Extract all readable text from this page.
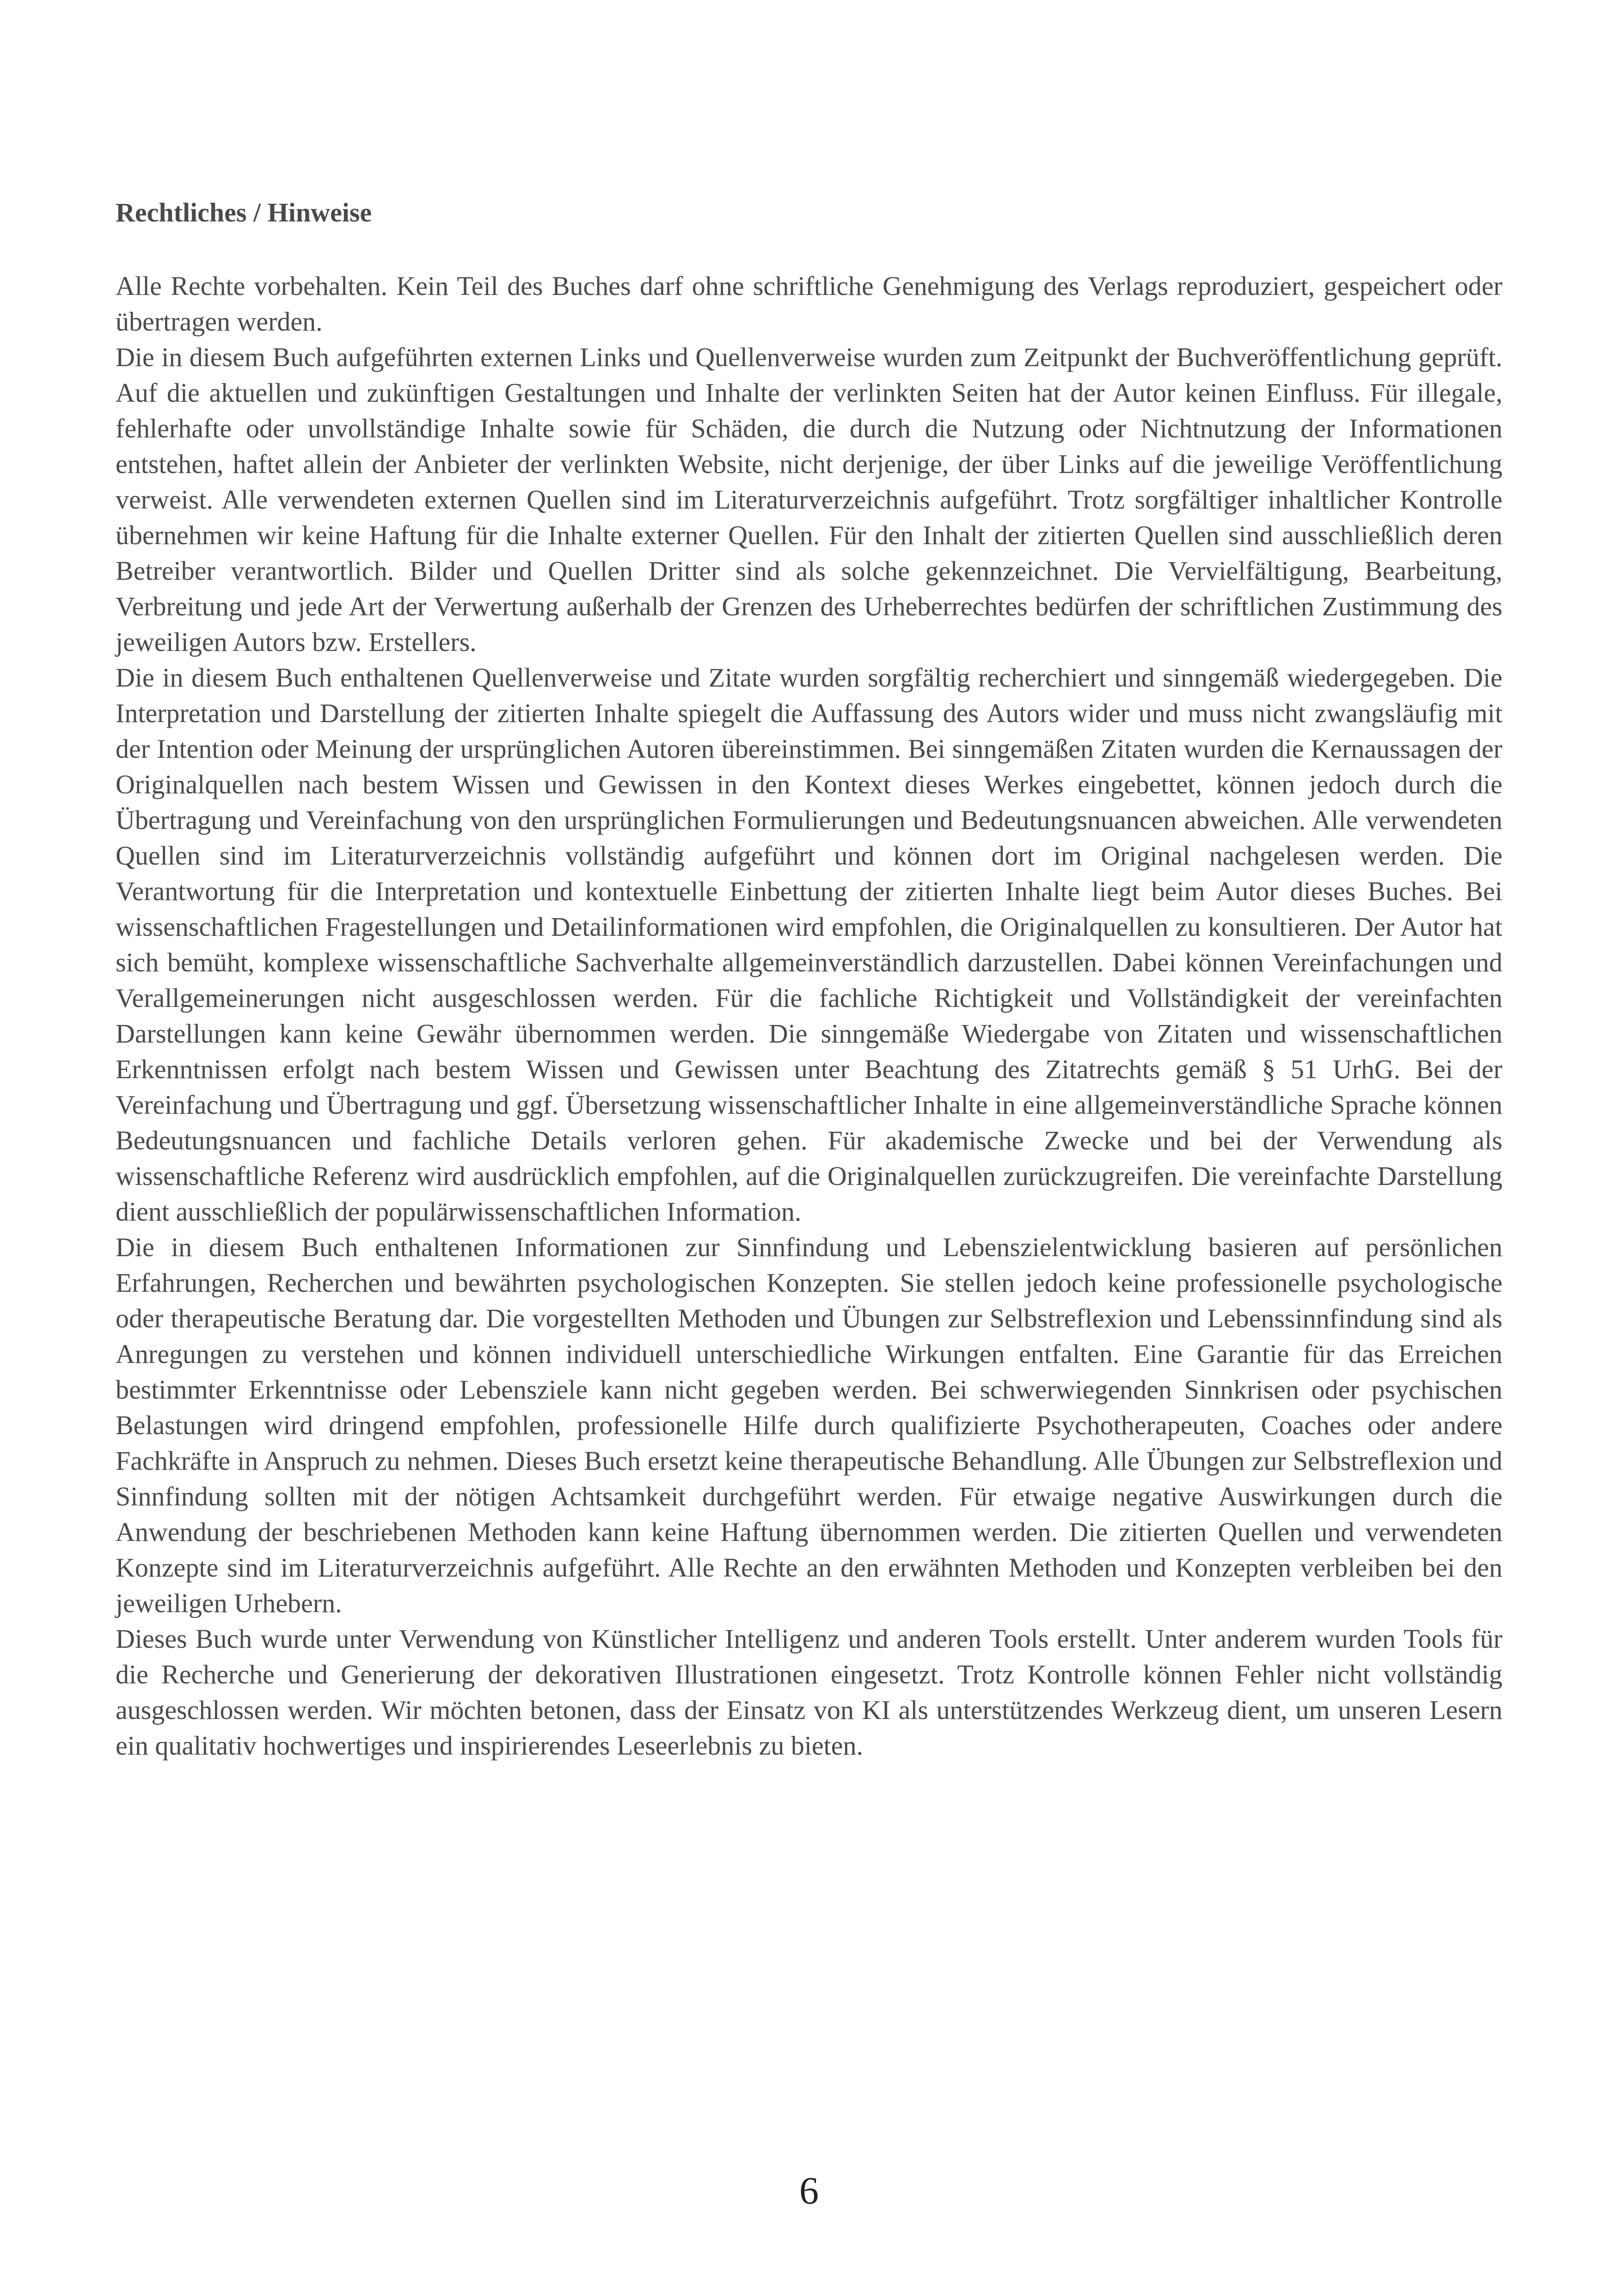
Rechtliches / Hinweise

Alle Rechte vorbehalten. Kein Teil des Buches darf ohne schriftliche Genehmigung des Verlags reproduziert, gespeichert oder übertragen werden.

Die in diesem Buch aufgeführten externen Links und Quellenverweise wurden zum Zeitpunkt der Buchveröffentlichung geprüft. Auf die aktuellen und zukünftigen Gestaltungen und Inhalte der verlinkten Seiten hat der Autor keinen Einfluss. Für illegale, fehlerhafte oder unvollständige Inhalte sowie für Schäden, die durch die Nutzung oder Nichtnutzung der Informationen entstehen, haftet allein der Anbieter der verlinkten Website, nicht derjenige, der über Links auf die jeweilige Veröffentlichung verweist. Alle verwendeten externen Quellen sind im Literaturverzeichnis aufgeführt. Trotz sorgfältiger inhaltlicher Kontrolle übernehmen wir keine Haftung für die Inhalte externer Quellen. Für den Inhalt der zitierten Quellen sind ausschließlich deren Betreiber verantwortlich. Bilder und Quellen Dritter sind als solche gekennzeichnet. Die Vervielfältigung, Bearbeitung, Verbreitung und jede Art der Verwertung außerhalb der Grenzen des Urheberrechtes bedürfen der schriftlichen Zustimmung des jeweiligen Autors bzw. Erstellers.

Die in diesem Buch enthaltenen Quellenverweise und Zitate wurden sorgfältig recherchiert und sinngemäß wiedergegeben. Die Interpretation und Darstellung der zitierten Inhalte spiegelt die Auffassung des Autors wider und muss nicht zwangsläufig mit der Intention oder Meinung der ursprünglichen Autoren übereinstimmen. Bei sinngemäßen Zitaten wurden die Kernaussagen der Originalquellen nach bestem Wissen und Gewissen in den Kontext dieses Werkes eingebettet, können jedoch durch die Übertragung und Vereinfachung von den ursprünglichen Formulierungen und Bedeutungsnuancen abweichen. Alle verwendeten Quellen sind im Literaturverzeichnis vollständig aufgeführt und können dort im Original nachgelesen werden. Die Verantwortung für die Interpretation und kontextuelle Einbettung der zitierten Inhalte liegt beim Autor dieses Buches. Bei wissenschaftlichen Fragestellungen und Detailinformationen wird empfohlen, die Originalquellen zu konsultieren. Der Autor hat sich bemüht, komplexe wissenschaftliche Sachverhalte allgemeinverständlich darzustellen. Dabei können Vereinfachungen und Verallgemeinerungen nicht ausgeschlossen werden. Für die fachliche Richtigkeit und Vollständigkeit der vereinfachten Darstellungen kann keine Gewähr übernommen werden. Die sinngemäße Wiedergabe von Zitaten und wissenschaftlichen Erkenntnissen erfolgt nach bestem Wissen und Gewissen unter Beachtung des Zitatrechts gemäß § 51 UrhG. Bei der Vereinfachung und Übertragung und ggf. Übersetzung wissenschaftlicher Inhalte in eine allgemeinverständliche Sprache können Bedeutungsnuancen und fachliche Details verloren gehen. Für akademische Zwecke und bei der Verwendung als wissenschaftliche Referenz wird ausdrücklich empfohlen, auf die Originalquellen zurückzugreifen. Die vereinfachte Darstellung dient ausschließlich der populärwissenschaftlichen Information.

Die in diesem Buch enthaltenen Informationen zur Sinnfindung und Lebenszielentwicklung basieren auf persönlichen Erfahrungen, Recherchen und bewährten psychologischen Konzepten. Sie stellen jedoch keine professionelle psychologische oder therapeutische Beratung dar. Die vorgestellten Methoden und Übungen zur Selbstreflexion und Lebenssinnfindung sind als Anregungen zu verstehen und können individuell unterschiedliche Wirkungen entfalten. Eine Garantie für das Erreichen bestimmter Erkenntnisse oder Lebensziele kann nicht gegeben werden. Bei schwerwiegenden Sinnkrisen oder psychischen Belastungen wird dringend empfohlen, professionelle Hilfe durch qualifizierte Psychotherapeuten, Coaches oder andere Fachkräfte in Anspruch zu nehmen. Dieses Buch ersetzt keine therapeutische Behandlung. Alle Übungen zur Selbstreflexion und Sinnfindung sollten mit der nötigen Achtsamkeit durchgeführt werden. Für etwaige negative Auswirkungen durch die Anwendung der beschriebenen Methoden kann keine Haftung übernommen werden. Die zitierten Quellen und verwendeten Konzepte sind im Literaturverzeichnis aufgeführt. Alle Rechte an den erwähnten Methoden und Konzepten verbleiben bei den jeweiligen Urhebern.

Dieses Buch wurde unter Verwendung von Künstlicher Intelligenz und anderen Tools erstellt. Unter anderem wurden Tools für die Recherche und Generierung der dekorativen Illustrationen eingesetzt. Trotz Kontrolle können Fehler nicht vollständig ausgeschlossen werden. Wir möchten betonen, dass der Einsatz von KI als unterstützendes Werkzeug dient, um unseren Lesern ein qualitativ hochwertiges und inspirierendes Leseerlebnis zu bieten.

6
